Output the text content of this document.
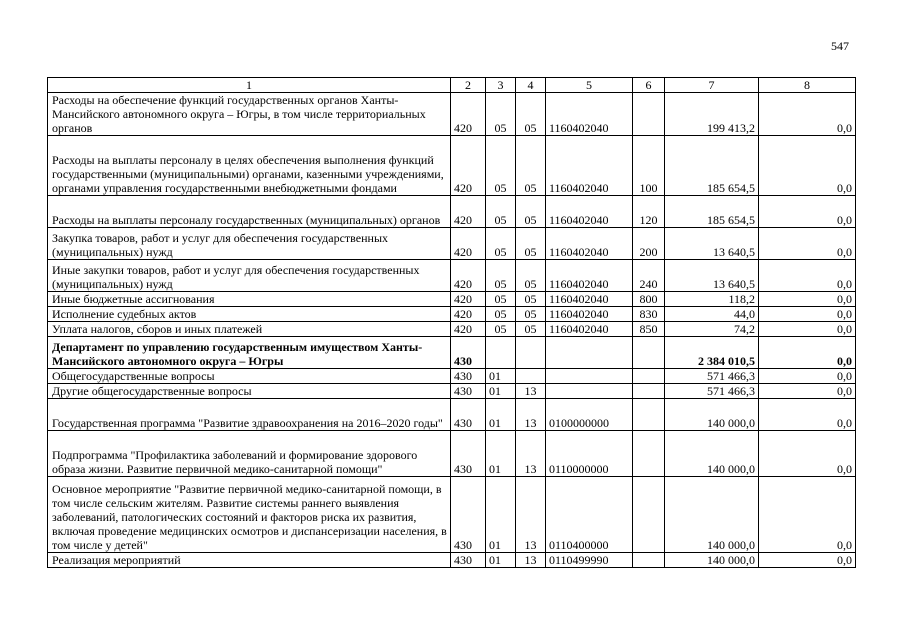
547
1	2	3	4	5	6	7	8
Расходы на обеспечение функций государственных органов Ханты-Мансийского автономного округа – Югры, в том числе территориальных органов	420	05	05	1160402040		199 413,2	0,0
Расходы на выплаты персоналу в целях обеспечения выполнения функций государственными (муниципальными) органами, казенными учреждениями, органами управления государственными внебюджетными фондами	420	05	05	1160402040	100	185 654,5	0,0
Расходы на выплаты персоналу государственных (муниципальных) органов	420	05	05	1160402040	120	185 654,5	0,0
Закупка товаров, работ и услуг для обеспечения государственных (муниципальных) нужд	420	05	05	1160402040	200	13 640,5	0,0
Иные закупки товаров, работ и услуг для обеспечения государственных (муниципальных) нужд	420	05	05	1160402040	240	13 640,5	0,0
Иные бюджетные ассигнования	420	05	05	1160402040	800	118,2	0,0
Исполнение судебных актов	420	05	05	1160402040	830	44,0	0,0
Уплата налогов, сборов и иных платежей	420	05	05	1160402040	850	74,2	0,0
Департамент по управлению государственным имуществом Ханты-Мансийского автономного округа – Югры	430					2 384 010,5	0,0
Общегосударственные вопросы	430	01				571 466,3	0,0
Другие общегосударственные вопросы	430	01	13			571 466,3	0,0
Государственная программа "Развитие здравоохранения на 2016–2020 годы"	430	01	13	0100000000		140 000,0	0,0
Подпрограмма "Профилактика заболеваний и формирование здорового образа жизни. Развитие первичной медико-санитарной помощи"	430	01	13	0110000000		140 000,0	0,0
Основное мероприятие "Развитие первичной медико-санитарной помощи, в том числе сельским жителям. Развитие системы раннего выявления заболеваний, патологических состояний и факторов риска их развития, включая проведение медицинских осмотров и диспансеризации населения, в том числе у детей"	430	01	13	0110400000		140 000,0	0,0
Реализация мероприятий	430	01	13	0110499990		140 000,0	0,0
